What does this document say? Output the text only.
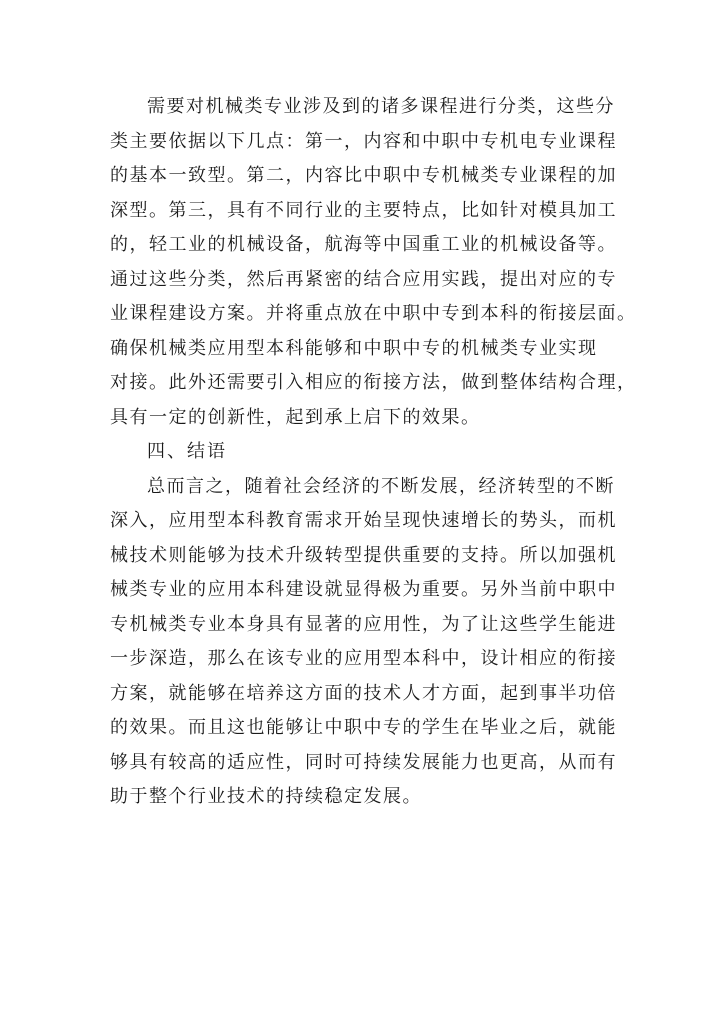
需要对机械类专业涉及到的诸多课程进行分类，这些分
类主要依据以下几点：第一，内容和中职中专机电专业课程
的基本一致型。第二，内容比中职中专机械类专业课程的加
深型。第三，具有不同行业的主要特点，比如针对模具加工
的，轻工业的机械设备，航海等中国重工业的机械设备等。
通过这些分类，然后再紧密的结合应用实践，提出对应的专
业课程建设方案。并将重点放在中职中专到本科的衔接层面。
确保机械类应用型本科能够和中职中专的机械类专业实现
对接。此外还需要引入相应的衔接方法，做到整体结构合理，
具有一定的创新性，起到承上启下的效果。
四、结语
总而言之，随着社会经济的不断发展，经济转型的不断
深入，应用型本科教育需求开始呈现快速增长的势头，而机
械技术则能够为技术升级转型提供重要的支持。所以加强机
械类专业的应用本科建设就显得极为重要。另外当前中职中
专机械类专业本身具有显著的应用性，为了让这些学生能进
一步深造，那么在该专业的应用型本科中，设计相应的衔接
方案，就能够在培养这方面的技术人才方面，起到事半功倍
的效果。而且这也能够让中职中专的学生在毕业之后，就能
够具有较高的适应性，同时可持续发展能力也更高，从而有
助于整个行业技术的持续稳定发展。
